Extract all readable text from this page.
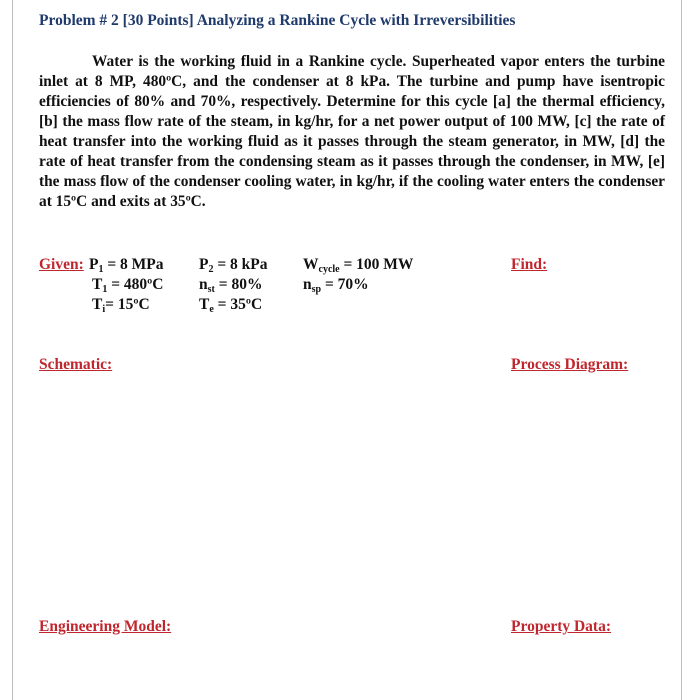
Problem # 2 [30 Points] Analyzing a Rankine Cycle with Irreversibilities
Water is the working fluid in a Rankine cycle. Superheated vapor enters the turbine inlet at 8 MP, 480ºC, and the condenser at 8 kPa. The turbine and pump have isentropic efficiencies of 80% and 70%, respectively. Determine for this cycle [a] the thermal efficiency, [b] the mass flow rate of the steam, in kg/hr, for a net power output of 100 MW, [c] the rate of heat transfer into the working fluid as it passes through the steam generator, in MW, [d] the rate of heat transfer from the condensing steam as it passes through the condenser, in MW, [e] the mass flow of the condenser cooling water, in kg/hr, if the cooling water enters the condenser at 15ºC and exits at 35ºC.
Given: $P_1 = 8$ MPa $P_2 = 8$ kPa $W_{cycle} = 100$ MW
$T_1$ = 480ºC $n_{st} = 80\%$	$n_{sp} = 70\%$
$T_i=$ 15ºC	$T_e$ = 35ºC
Find:
Schematic:	Process Diagram:
Engineering Model:	Property Data:
